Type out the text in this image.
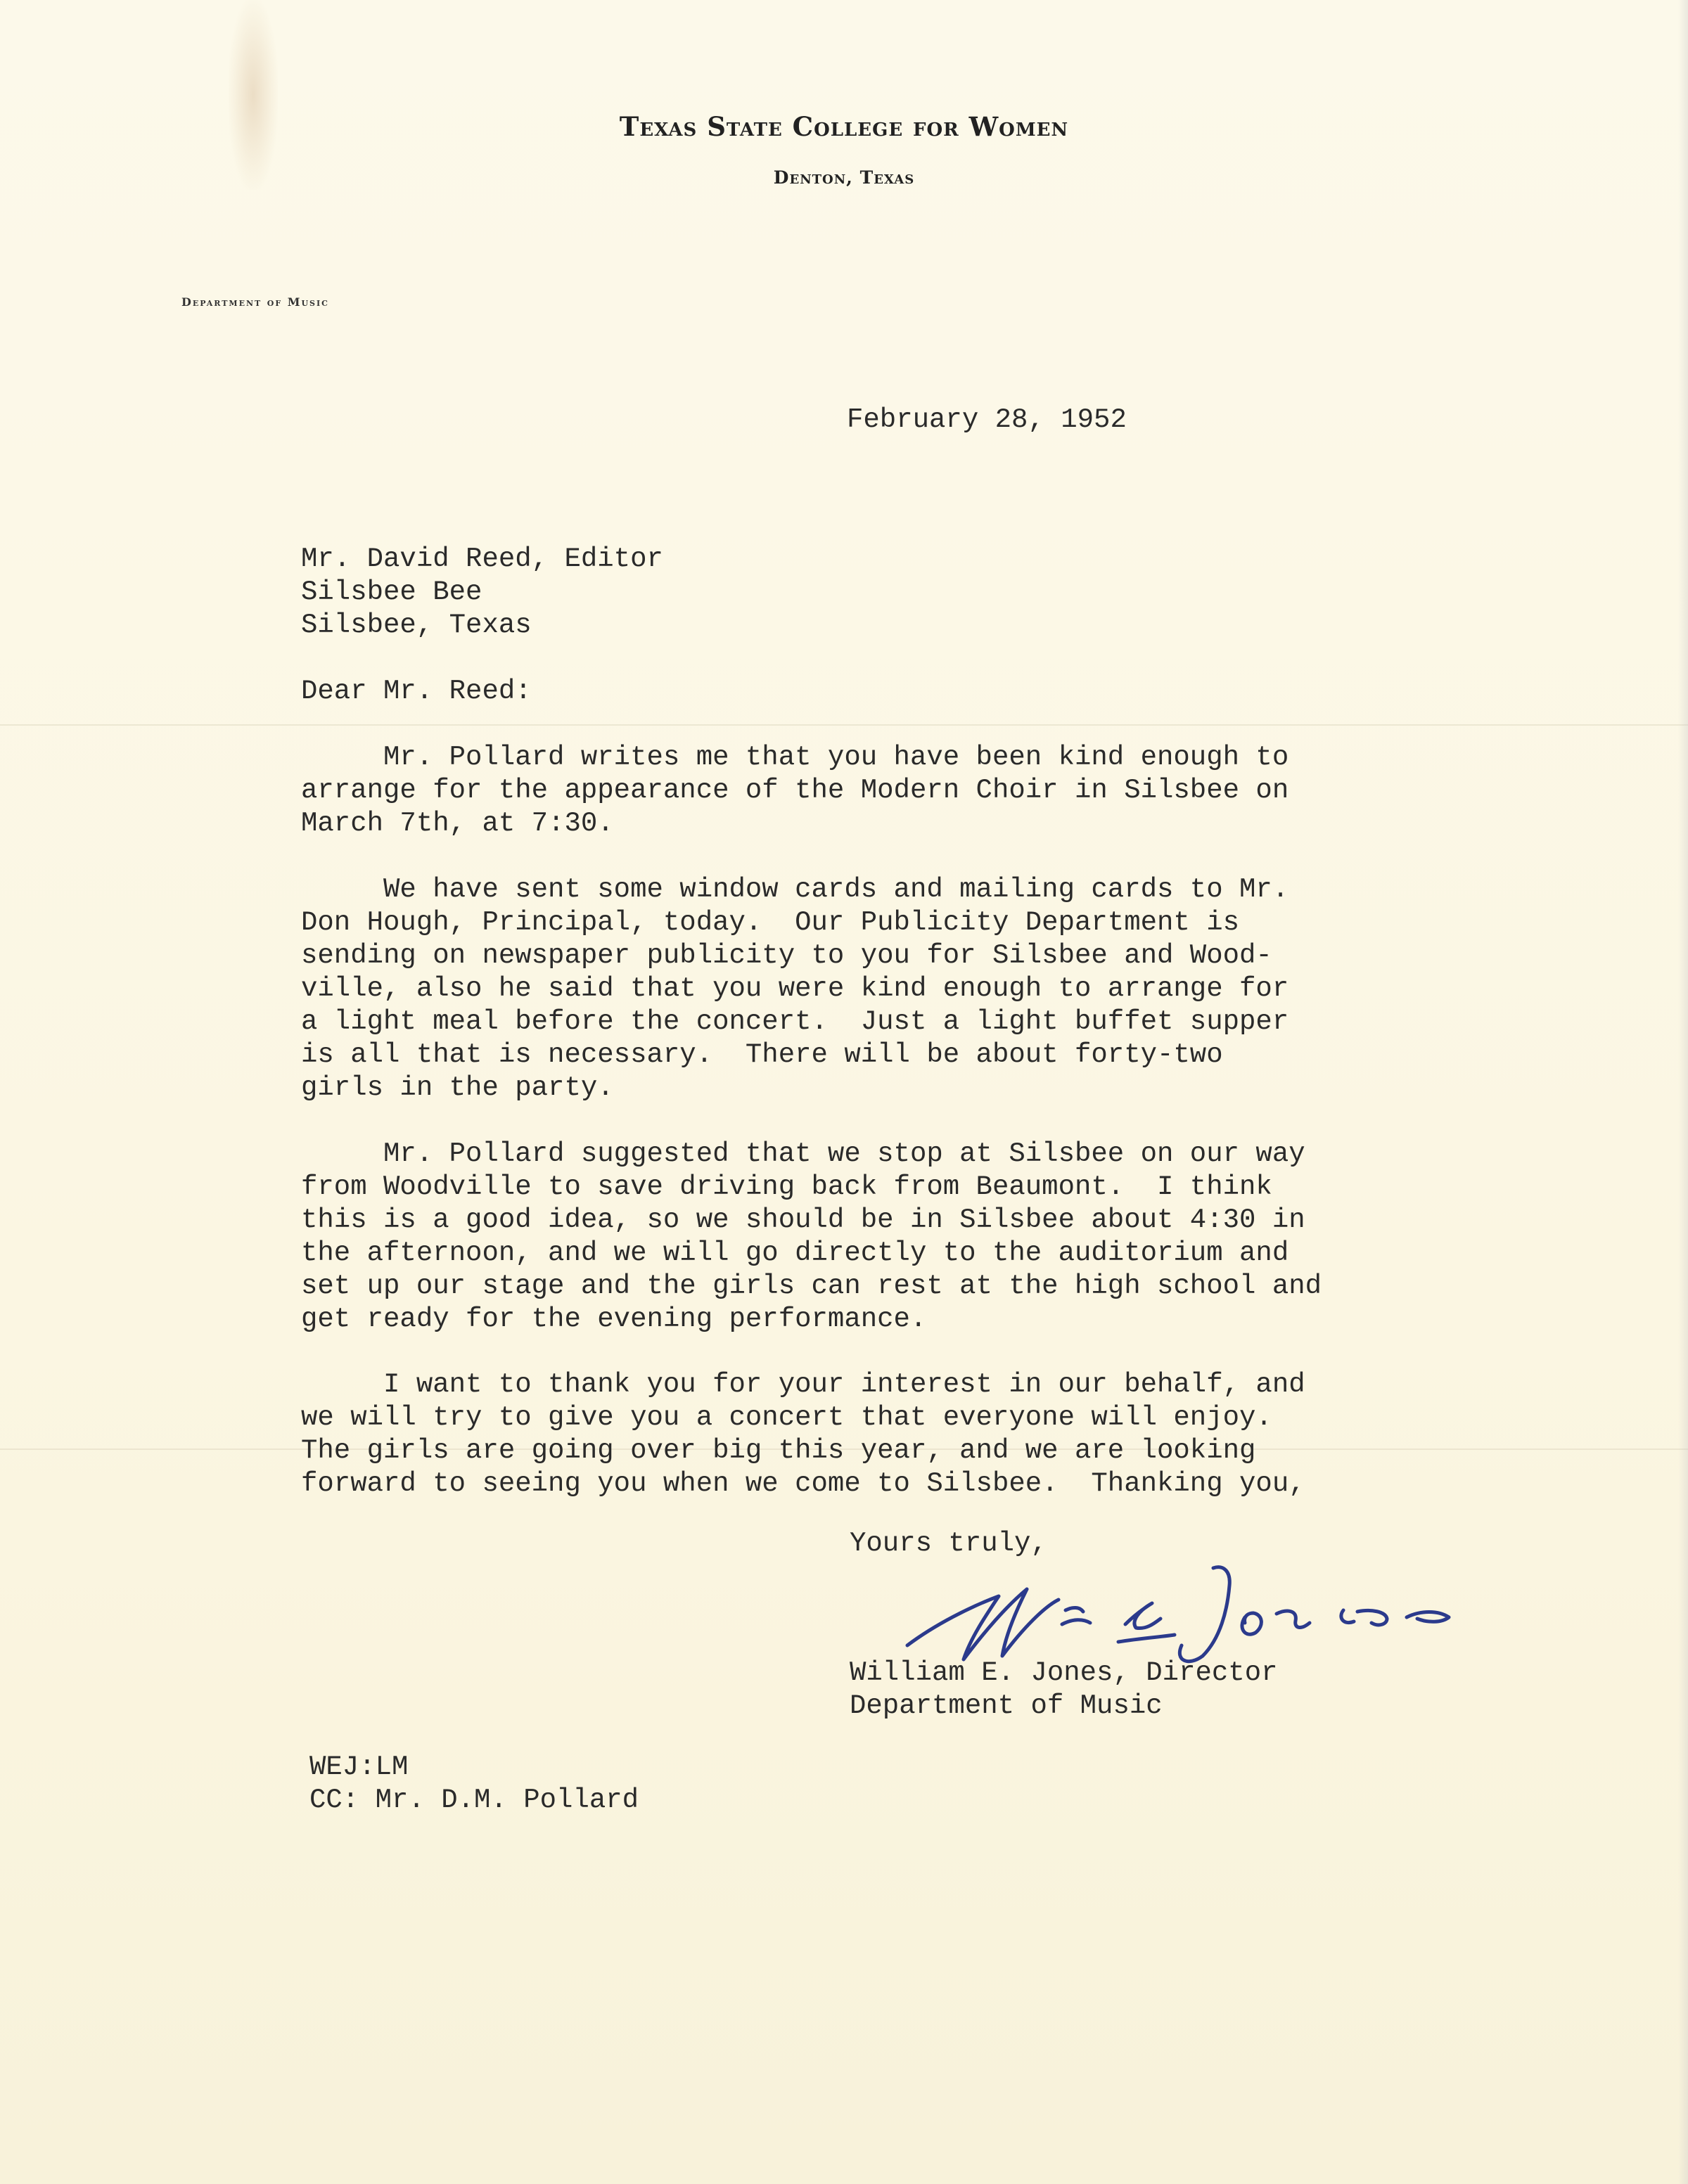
Texas State College for Women
Denton, Texas
Department of Music
February 28, 1952
Mr. David Reed, Editor
Silsbee Bee
Silsbee, Texas
Dear Mr. Reed:
Mr. Pollard writes me that you have been kind enough to
arrange for the appearance of the Modern Choir in Silsbee on
March 7th, at 7:30.
We have sent some window cards and mailing cards to Mr.
Don Hough, Principal, today.  Our Publicity Department is
sending on newspaper publicity to you for Silsbee and Wood-
ville, also he said that you were kind enough to arrange for
a light meal before the concert.  Just a light buffet supper
is all that is necessary.  There will be about forty-two
girls in the party.
Mr. Pollard suggested that we stop at Silsbee on our way
from Woodville to save driving back from Beaumont.  I think
this is a good idea, so we should be in Silsbee about 4:30 in
the afternoon, and we will go directly to the auditorium and
set up our stage and the girls can rest at the high school and
get ready for the evening performance.
I want to thank you for your interest in our behalf, and
we will try to give you a concert that everyone will enjoy.
The girls are going over big this year, and we are looking
forward to seeing you when we come to Silsbee.  Thanking you,
Yours truly,
William E. Jones, Director
Department of Music
WEJ:LM
CC: Mr. D.M. Pollard
